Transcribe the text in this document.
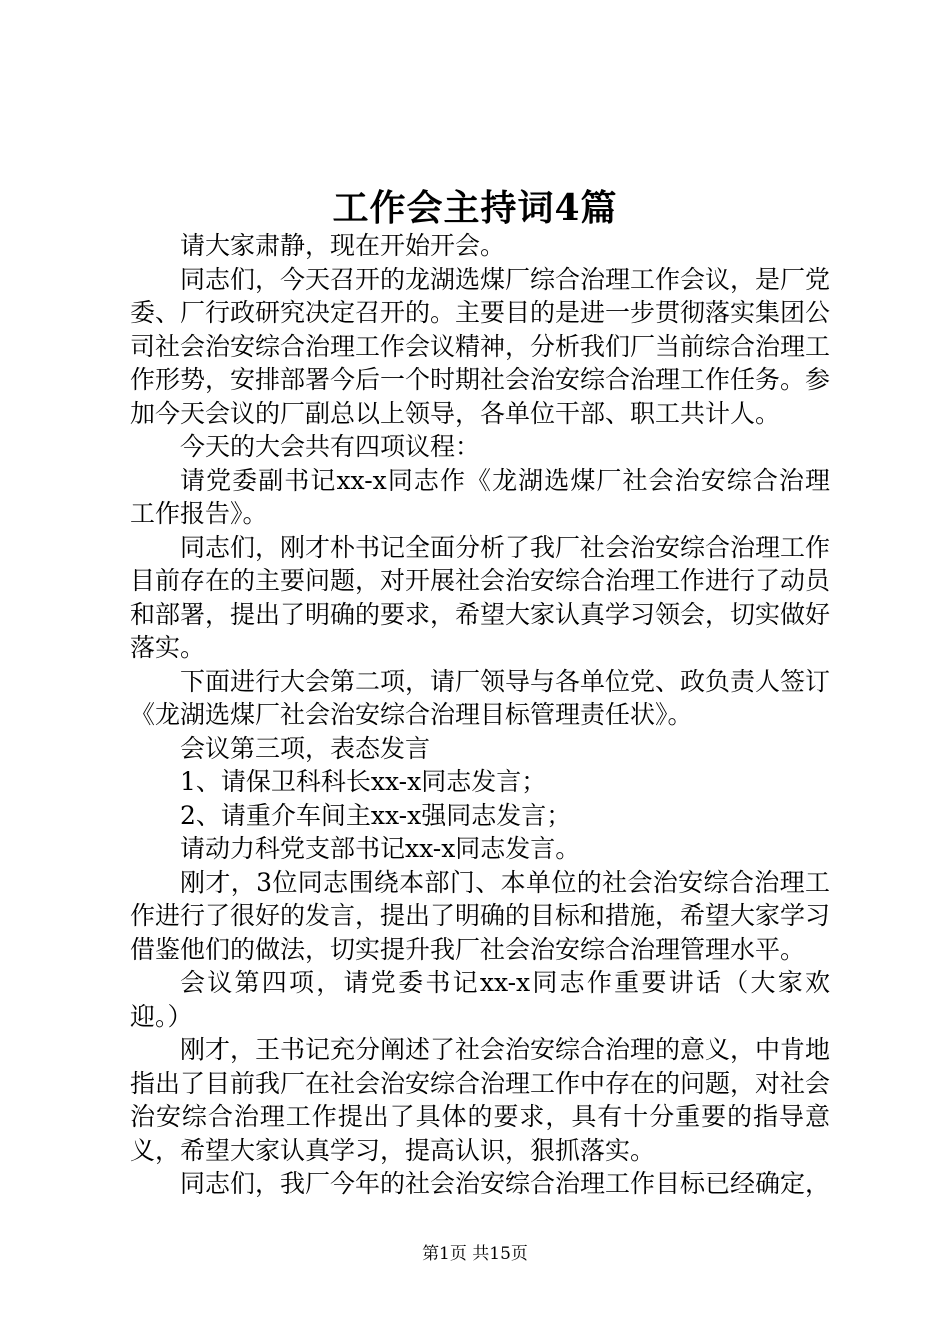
工作会主持词4篇

请大家肃静，现在开始开会。

同志们，今天召开的龙湖选煤厂综合治理工作会议，是厂党委、厂行政研究决定召开的。主要目的是进一步贯彻落实集团公司社会治安综合治理工作会议精神，分析我们厂当前综合治理工作形势，安排部署今后一个时期社会治安综合治理工作任务。参加今天会议的厂副总以上领导，各单位干部、职工共计人。

今天的大会共有四项议程：

请党委副书记xx-x同志作《龙湖选煤厂社会治安综合治理工作报告》。

同志们，刚才朴书记全面分析了我厂社会治安综合治理工作目前存在的主要问题，对开展社会治安综合治理工作进行了动员和部署，提出了明确的要求，希望大家认真学习领会，切实做好落实。

下面进行大会第二项，请厂领导与各单位党、政负责人签订《龙湖选煤厂社会治安综合治理目标管理责任状》。

会议第三项，表态发言

1、请保卫科科长xx-x同志发言；

2、请重介车间主xx-x强同志发言；

请动力科党支部书记xx-x同志发言。

刚才，3位同志围绕本部门、本单位的社会治安综合治理工作进行了很好的发言，提出了明确的目标和措施，希望大家学习借鉴他们的做法，切实提升我厂社会治安综合治理管理水平。

会议第四项，请党委书记xx-x同志作重要讲话（大家欢迎。）

刚才，王书记充分阐述了社会治安综合治理的意义，中肯地指出了目前我厂在社会治安综合治理工作中存在的问题，对社会治安综合治理工作提出了具体的要求，具有十分重要的指导意义，希望大家认真学习，提高认识，狠抓落实。

同志们，我厂今年的社会治安综合治理工作目标已经确定，

第1页 共15页
